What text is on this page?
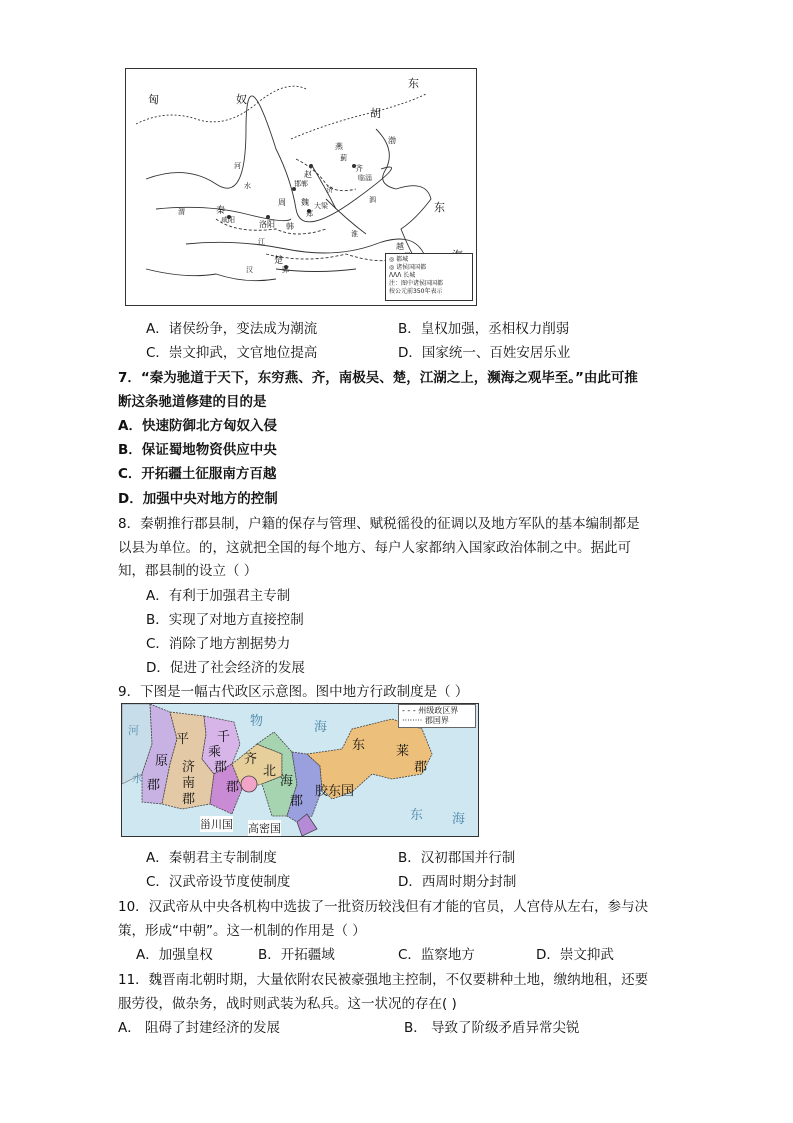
匈	奴
东
胡
燕
蓟
赵
邯郸
齐
临淄
秦
咸阳	洛阳
周
韩
郑
魏 大梁
楚
郢
越
东
河
汉
江
济
泗
淮
渭
水
渤
◎ 都城
◎ 诸侯国国都
ᐱᐱᐱ 长城
注：图中诸侯国国都
按公元前350年表示
A．诸侯纷争，变法成为潮流	B．皇权加强，丞相权力削弱
C．崇文抑武，文官地位提高	D．国家统一、百姓安居乐业
7．“秦为驰道于天下，东穷燕、齐，南极吴、楚，江湖之上，濒海之观毕至。”由此可推
断这条驰道修建的目的是
A．快速防御北方匈奴入侵
B．保证蜀地物资供应中央
C．开拓疆土征服南方百越
D．加强中央对地方的控制
8．秦朝推行郡县制，户籍的保存与管理、赋税徭役的征调以及地方军队的基本编制都是
以县为单位。的，这就把全国的每个地方、每户人家都纳入国家政治体制之中。据此可
知，郡县制的设立（ ）
A．有利于加强君主专制
B．实现了对地方直接控制
C．消除了地方割据势力
D．促进了社会经济的发展
9．下图是一幅古代政区示意图。图中地方行政制度是（ ）
河
水
平
原
郡
千
乘
郡
济
南
郡
齐
郡
北
海
郡
胶东国
东 莱
郡
物	海
东 海
甾川国 高密国
- - - 州级政区界
········ 郡国界
A．秦朝君主专制制度	B．汉初郡国并行制
C．汉武帝设节度使制度	D．西周时期分封制
10．汉武帝从中央各机构中选拔了一批资历较浅但有才能的官员，人宫侍从左右，参与决
策，形成“中朝”。这一机制的作用是（ ）
A．加强皇权	B．开拓疆域	C．监察地方	D．崇文抑武
11．魏晋南北朝时期，大量依附农民被豪强地主控制，不仅要耕种土地，缴纳地租，还要
服劳役，做杂务，战时则武装为私兵。这一状况的存在( )
A． 阻碍了封建经济的发展	B． 导致了阶级矛盾异常尖锐
